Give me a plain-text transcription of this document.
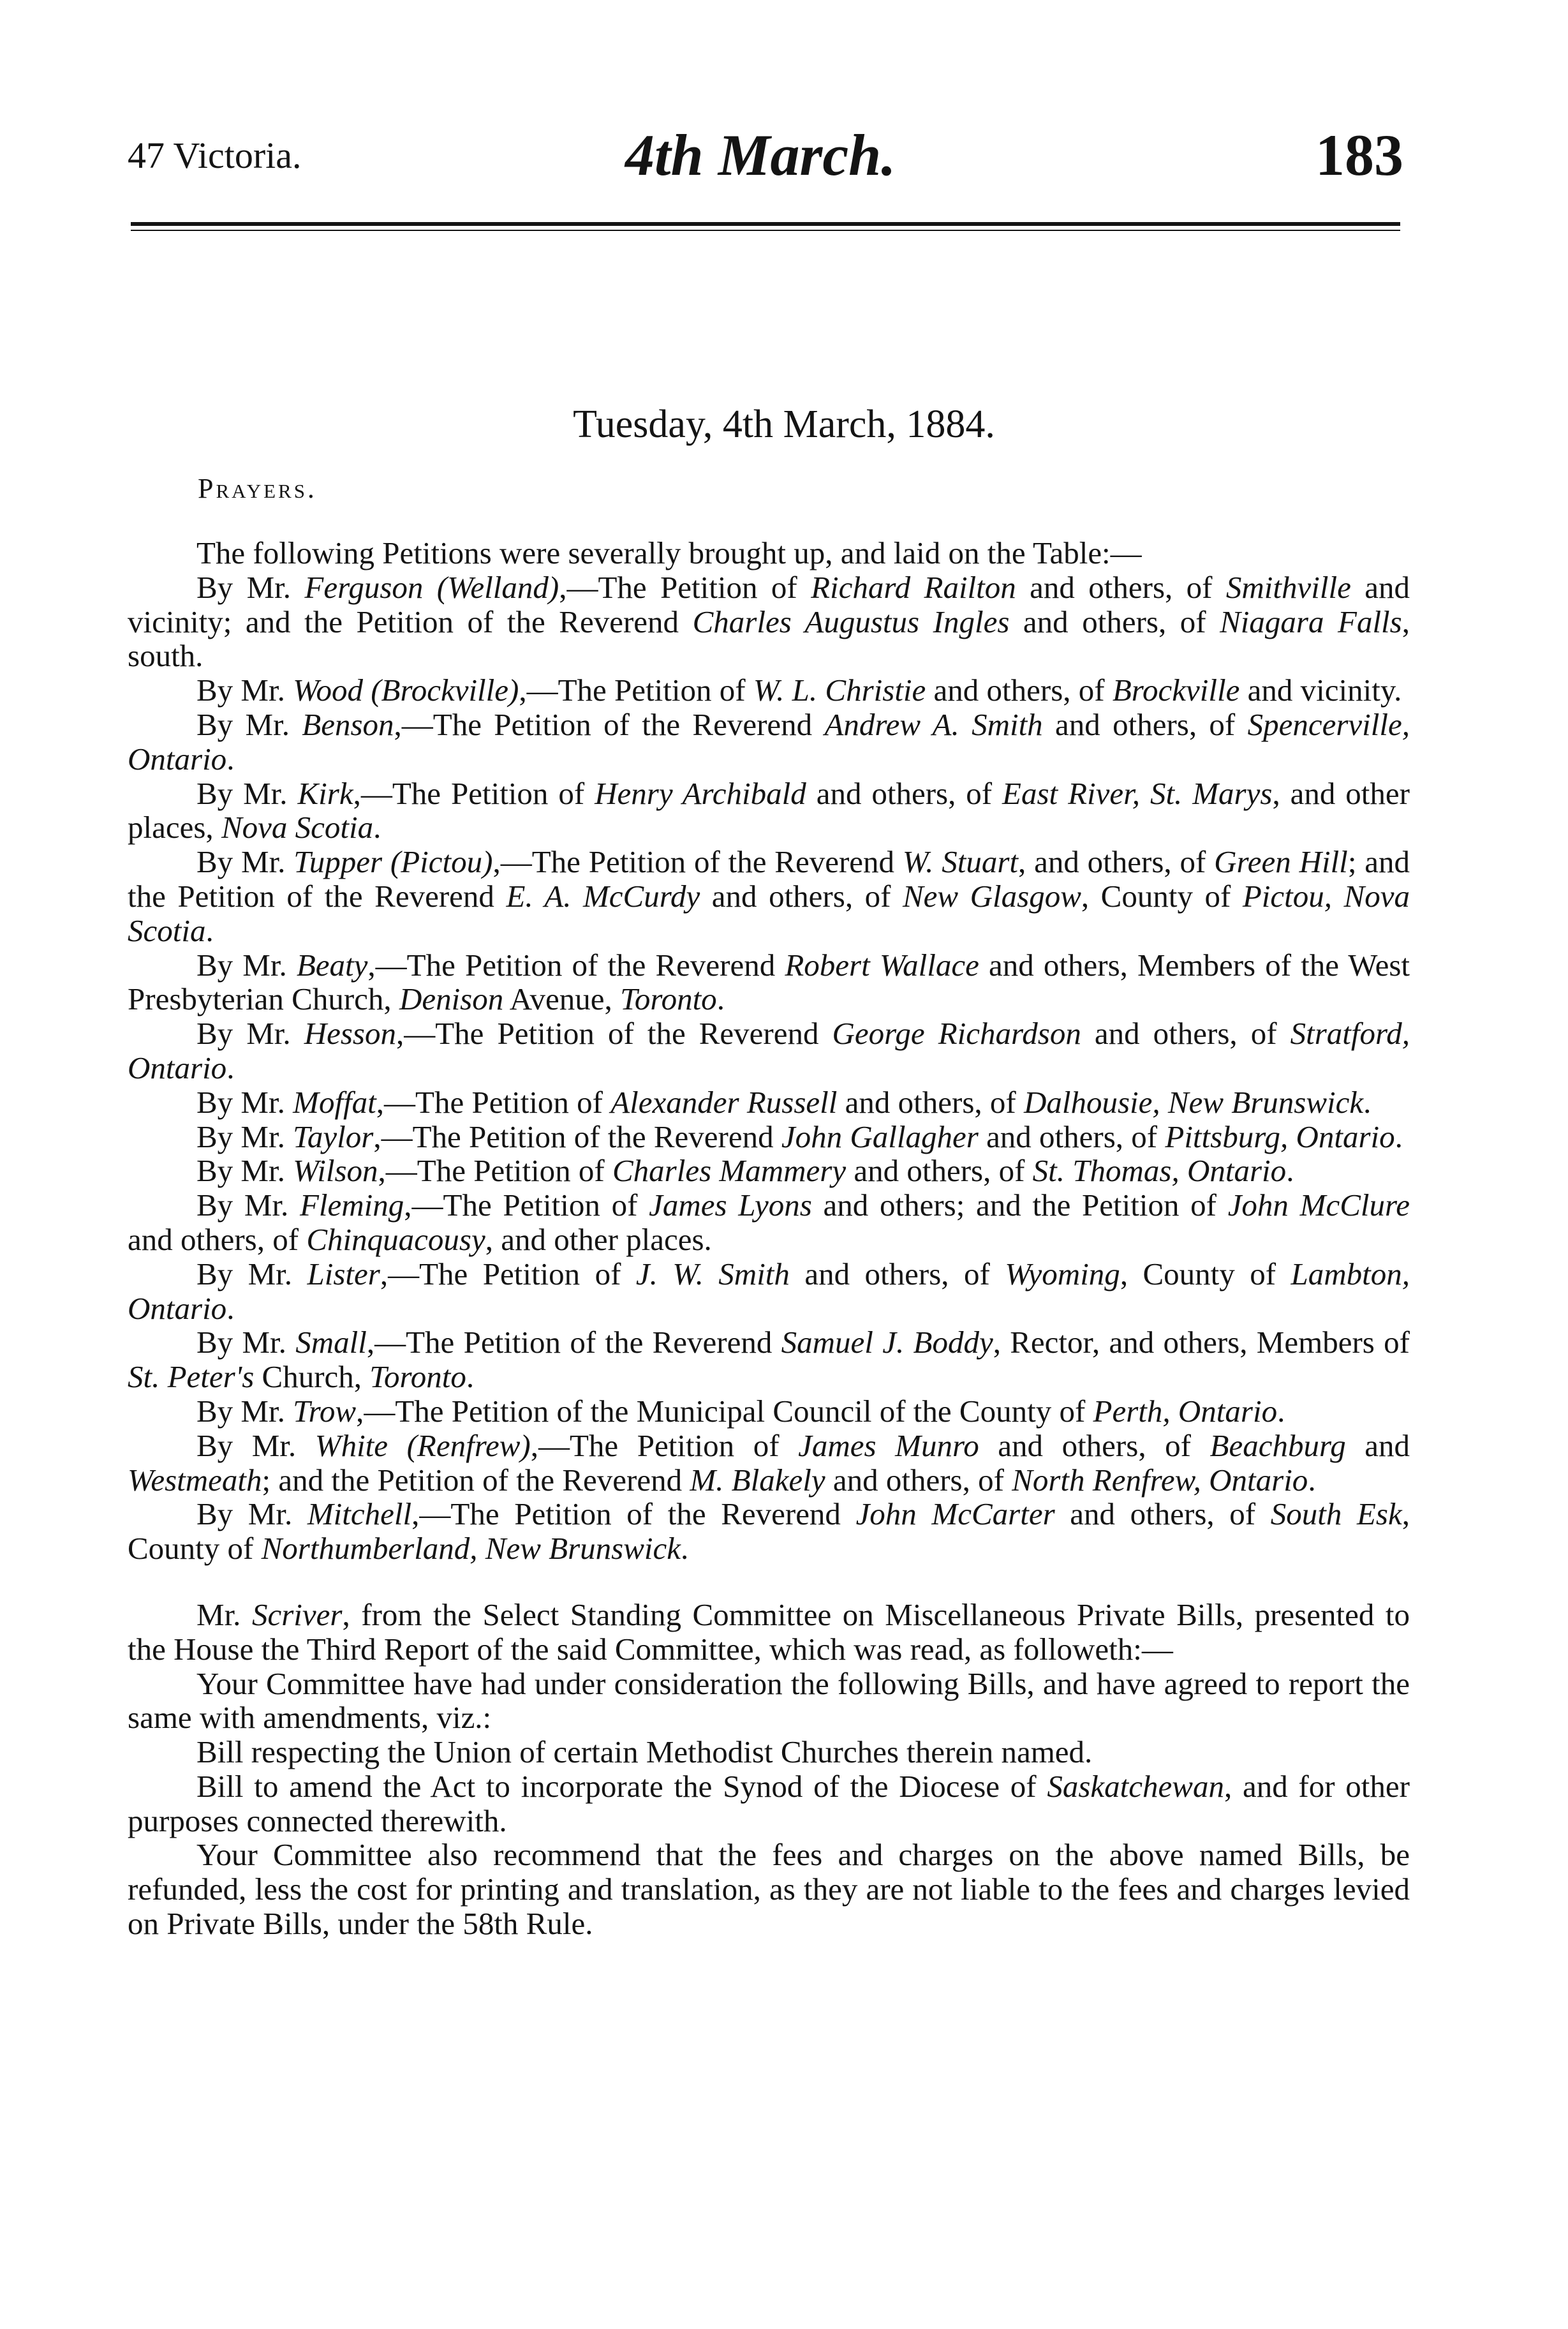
47 Victoria.	4th March.	183
Tuesday, 4th March, 1884.
Prayers.

The following Petitions were severally brought up, and laid on the Table:—

By Mr. Ferguson (Welland),—The Petition of Richard Railton and others, of Smithville and vicinity; and the Petition of the Reverend Charles Augustus Ingles and others, of Niagara Falls, south.

By Mr. Wood (Brockville),—The Petition of W. L. Christie and others, of Brockville and vicinity.

By Mr. Benson,—The Petition of the Reverend Andrew A. Smith and others, of Spencerville, Ontario.

By Mr. Kirk,—The Petition of Henry Archibald and others, of East River, St. Marys, and other places, Nova Scotia.

By Mr. Tupper (Pictou),—The Petition of the Reverend W. Stuart, and others, of Green Hill; and the Petition of the Reverend E. A. McCurdy and others, of New Glasgow, County of Pictou, Nova Scotia.

By Mr. Beaty,—The Petition of the Reverend Robert Wallace and others, Members of the West Presbyterian Church, Denison Avenue, Toronto.

By Mr. Hesson,—The Petition of the Reverend George Richardson and others, of Stratford, Ontario.

By Mr. Moffat,—The Petition of Alexander Russell and others, of Dalhousie, New Brunswick.

By Mr. Taylor,—The Petition of the Reverend John Gallagher and others, of Pittsburg, Ontario.

By Mr. Wilson,—The Petition of Charles Mammery and others, of St. Thomas, Ontario.

By Mr. Fleming,—The Petition of James Lyons and others; and the Petition of John McClure and others, of Chinquacousy, and other places.

By Mr. Lister,—The Petition of J. W. Smith and others, of Wyoming, County of Lambton, Ontario.

By Mr. Small,—The Petition of the Reverend Samuel J. Boddy, Rector, and others, Members of St. Peter's Church, Toronto.

By Mr. Trow,—The Petition of the Municipal Council of the County of Perth, Ontario.

By Mr. White (Renfrew),—The Petition of James Munro and others, of Beachburg and Westmeath; and the Petition of the Reverend M. Blakely and others, of North Renfrew, Ontario.

By Mr. Mitchell,—The Petition of the Reverend John McCarter and others, of South Esk, County of Northumberland, New Brunswick.

Mr. Scriver, from the Select Standing Committee on Miscellaneous Private Bills, presented to the House the Third Report of the said Committee, which was read, as followeth:—

Your Committee have had under consideration the following Bills, and have agreed to report the same with amendments, viz.:

Bill respecting the Union of certain Methodist Churches therein named.

Bill to amend the Act to incorporate the Synod of the Diocese of Saskatchewan, and for other purposes connected therewith.

Your Committee also recommend that the fees and charges on the above named Bills, be refunded, less the cost for printing and translation, as they are not liable to the fees and charges levied on Private Bills, under the 58th Rule.
